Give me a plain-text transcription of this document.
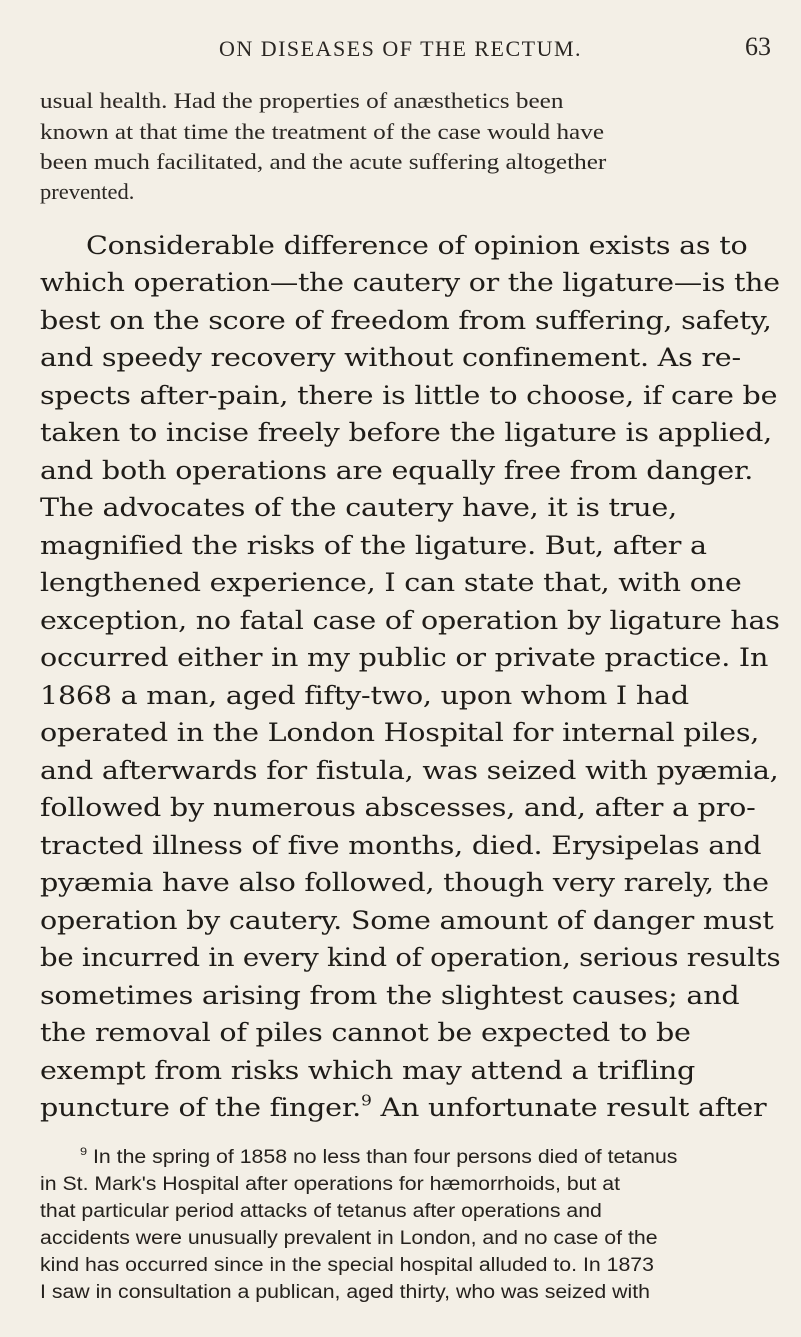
ON DISEASES OF THE RECTUM.	63
usual health. Had the properties of anæsthetics been
known at that time the treatment of the case would have
been much facilitated, and the acute suffering altogether
prevented.
Considerable difference of opinion exists as to
which operation—the cautery or the ligature—is the
best on the score of freedom from suffering, safety,
and speedy recovery without confinement. As re-
spects after-pain, there is little to choose, if care be
taken to incise freely before the ligature is applied,
and both operations are equally free from danger.
The advocates of the cautery have, it is true,
magnified the risks of the ligature. But, after a
lengthened experience, I can state that, with one
exception, no fatal case of operation by ligature has
occurred either in my public or private practice. In
1868 a man, aged fifty-two, upon whom I had
operated in the London Hospital for internal piles,
and afterwards for fistula, was seized with pyæmia,
followed by numerous abscesses, and, after a pro-
tracted illness of five months, died. Erysipelas and
pyæmia have also followed, though very rarely, the
operation by cautery. Some amount of danger must
be incurred in every kind of operation, serious results
sometimes arising from the slightest causes; and
the removal of piles cannot be expected to be
exempt from risks which may attend a trifling
puncture of the finger.$^9$ An unfortunate result after
$^9$ In the spring of 1858 no less than four persons died of tetanus
in St. Mark's Hospital after operations for hæmorrhoids, but at
that particular period attacks of tetanus after operations and
accidents were unusually prevalent in London, and no case of the
kind has occurred since in the special hospital alluded to. In 1873
I saw in consultation a publican, aged thirty, who was seized with
